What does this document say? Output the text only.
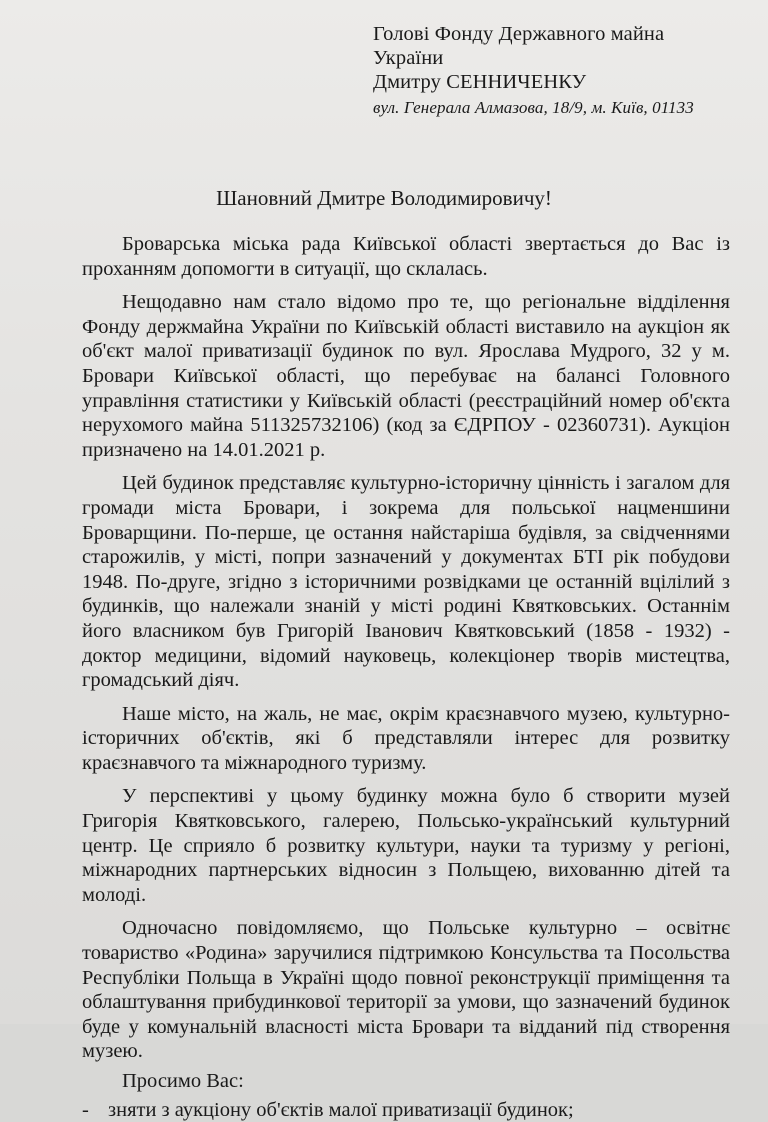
Голові Фонду Державного майна
України
Дмитру СЕННИЧЕНКУ
вул. Генерала Алмазова, 18/9, м. Київ, 01133
Шановний Дмитре Володимировичу!

Броварська міська рада Київської області звертається до Вас із проханням допомогти в ситуації, що склалась.

Нещодавно нам стало відомо про те, що регіональне відділення Фонду держмайна України по Київській області виставило на аукціон як об'єкт малої приватизації будинок по вул. Ярослава Мудрого, 32 у м. Бровари Київської області, що перебуває на балансі Головного управління статистики у Київській області (реєстраційний номер об'єкта нерухомого майна 511325732106) (код за ЄДРПОУ - 02360731). Аукціон призначено на 14.01.2021 р.

Цей будинок представляє культурно-історичну цінність і загалом для громади міста Бровари, і зокрема для польської нацменшини Броварщини. По-перше, це остання найстаріша будівля, за свідченнями старожилів, у місті, попри зазначений у документах БТІ рік побудови 1948. По-друге, згідно з історичними розвідками це останній вцілілий з будинків, що належали знаній у місті родині Квятковських. Останнім його власником був Григорій Іванович Квятковський (1858 - 1932) - доктор медицини, відомий науковець, колекціонер творів мистецтва, громадський діяч.

Наше місто, на жаль, не має, окрім краєзнавчого музею, культурно-історичних об'єктів, які б представляли інтерес для розвитку краєзнавчого та міжнародного туризму.

У перспективі у цьому будинку можна було б створити музей Григорія Квятковського, галерею, Польсько-український культурний центр. Це сприяло б розвитку культури, науки та туризму у регіоні, міжнародних партнерських відносин з Польщею, вихованню дітей та молоді.

Одночасно повідомляємо, що Польське культурно – освітнє товариство «Родина» заручилися підтримкою Консульства та Посольства Республіки Польща в Україні щодо повної реконструкції приміщення та облаштування прибудинкової території за умови, що зазначений будинок буде у комунальній власності міста Бровари та відданий під створення музею.

Просимо Вас:
- зняти з аукціону об'єктів малої приватизації будинок;
